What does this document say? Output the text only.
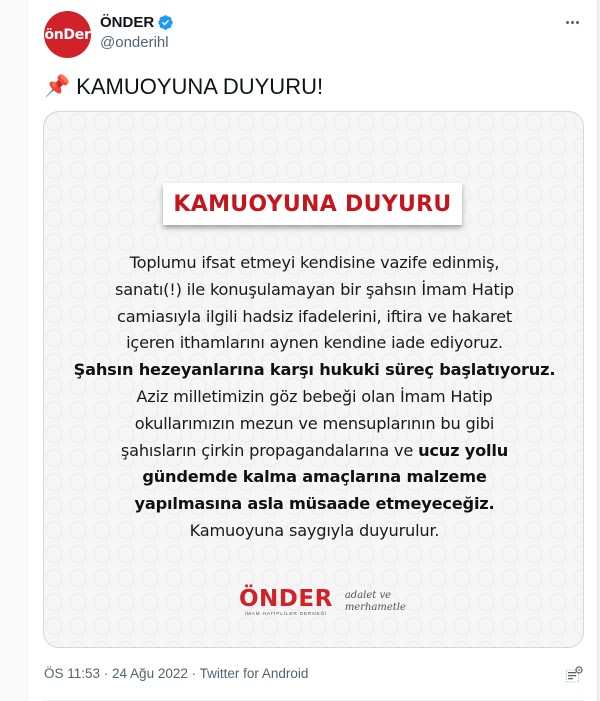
önDer
ÖNDER
@onderihl
📌 KAMUOYUNA DUYURU!
KAMUOYUNA DUYURU
Toplumu ifsat etmeyi kendisine vazife edinmiş,
sanatı(!) ile konuşulamayan bir şahsın İmam Hatip
camiasıyla ilgili hadsiz ifadelerini, iftira ve hakaret
içeren ithamlarını aynen kendine iade ediyoruz.
Şahsın hezeyanlarına karşı hukuki süreç başlatıyoruz.
Aziz milletimizin göz bebeği olan İmam Hatip
okullarımızın mezun ve mensuplarının bu gibi
şahısların çirkin propagandalarına ve ucuz yollu
gündemde kalma amaçlarına malzeme
yapılmasına asla müsaade etmeyeceğiz.
Kamuoyuna saygıyla duyurulur.
ÖNDER
İMAM HATİPLİLER DERNEĞİ
adalet ve
merhametle
ÖS 11:53 · 24 Ağu 2022 · Twitter for Android
